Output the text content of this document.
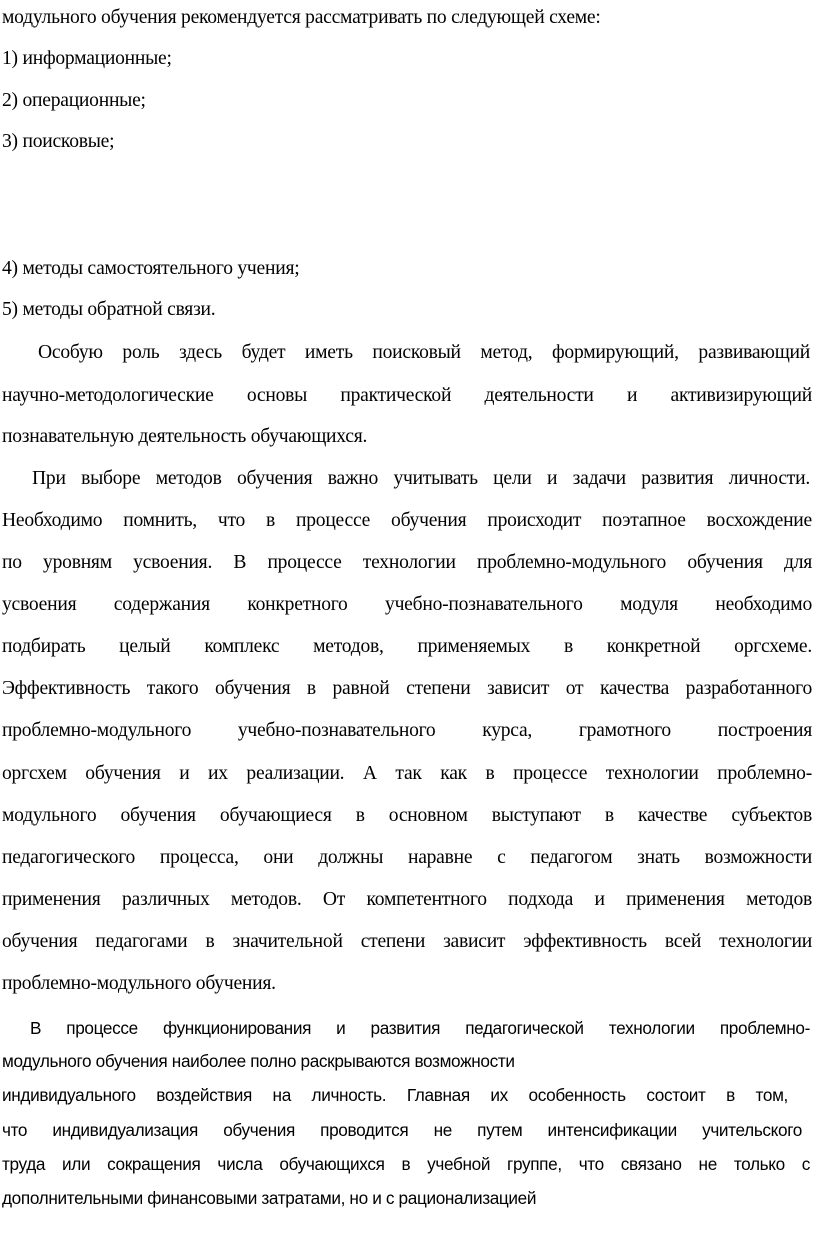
модульного обучения рекомендуется рассматривать по следующей схеме:
1) информационные;
2) операционные;
3) поисковые;
4) методы самостоятельного учения;
5) методы обратной связи.
Особую роль здесь будет иметь поисковый метод, формирующий, развивающий
научно-методологические основы практической деятельности и активизирующий
познавательную деятельность обучающихся.
При выборе методов обучения важно учитывать цели и задачи развития личности.
Необходимо помнить, что в процессе обучения происходит поэтапное восхождение
по уровням усвоения. В процессе технологии проблемно-модульного обучения для
усвоения содержания конкретного учебно-познавательного модуля необходимо
подбирать целый комплекс методов, применяемых в конкретной оргсхеме.
Эффективность такого обучения в равной степени зависит от качества разработанного
проблемно-модульного учебно-познавательного курса, грамотного построения
оргсхем обучения и их реализации. А так как в процессе технологии проблемно-
модульного обучения обучающиеся в основном выступают в качестве субъектов
педагогического процесса, они должны наравне с педагогом знать возможности
применения различных методов. От компетентного подхода и применения методов
обучения педагогами в значительной степени зависит эффективность всей технологии
проблемно-модульного обучения.
В процессе функционирования и развития педагогической технологии проблемно-
модульного обучения наиболее полно раскрываются возможности
индивидуального воздействия на личность. Главная их особенность состоит в том,
что индивидуализация обучения проводится не путем интенсификации учительского
труда или сокращения числа обучающихся в учебной группе, что связано не только с
дополнительными финансовыми затратами, но и с рационализацией
